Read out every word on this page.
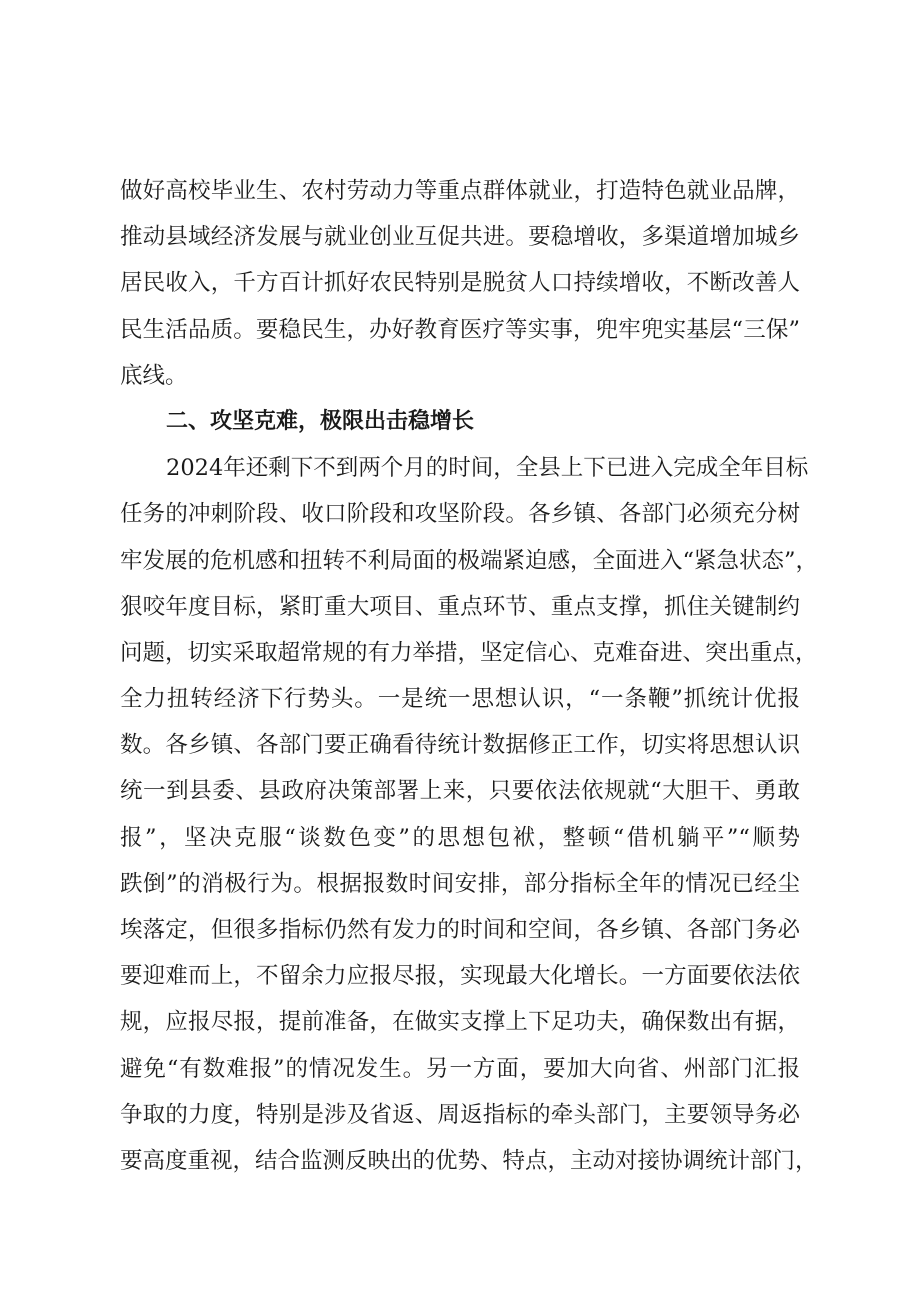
做好高校毕业生、农村劳动力等重点群体就业，打造特色就业品牌，
推动县域经济发展与就业创业互促共进。要稳增收，多渠道增加城乡
居民收入，千方百计抓好农民特别是脱贫人口持续增收，不断改善人
民生活品质。要稳民生，办好教育医疗等实事，兜牢兜实基层“三保”
底线。
二、攻坚克难，极限出击稳增长
2024年还剩下不到两个月的时间，全县上下已进入完成全年目标
任务的冲刺阶段、收口阶段和攻坚阶段。各乡镇、各部门必须充分树
牢发展的危机感和扭转不利局面的极端紧迫感，全面进入“紧急状态”，
狠咬年度目标，紧盯重大项目、重点环节、重点支撑，抓住关键制约
问题，切实采取超常规的有力举措，坚定信心、克难奋进、突出重点，
全力扭转经济下行势头。一是统一思想认识，“一条鞭”抓统计优报
数。各乡镇、各部门要正确看待统计数据修正工作，切实将思想认识
统一到县委、县政府决策部署上来，只要依法依规就“大胆干、勇敢
报”，坚决克服“谈数色变”的思想包袱，整顿“借机躺平”“顺势
跌倒”的消极行为。根据报数时间安排，部分指标全年的情况已经尘
埃落定，但很多指标仍然有发力的时间和空间，各乡镇、各部门务必
要迎难而上，不留余力应报尽报，实现最大化增长。一方面要依法依
规，应报尽报，提前准备，在做实支撑上下足功夫，确保数出有据，
避免“有数难报”的情况发生。另一方面，要加大向省、州部门汇报
争取的力度，特别是涉及省返、周返指标的牵头部门，主要领导务必
要高度重视，结合监测反映出的优势、特点，主动对接协调统计部门，
